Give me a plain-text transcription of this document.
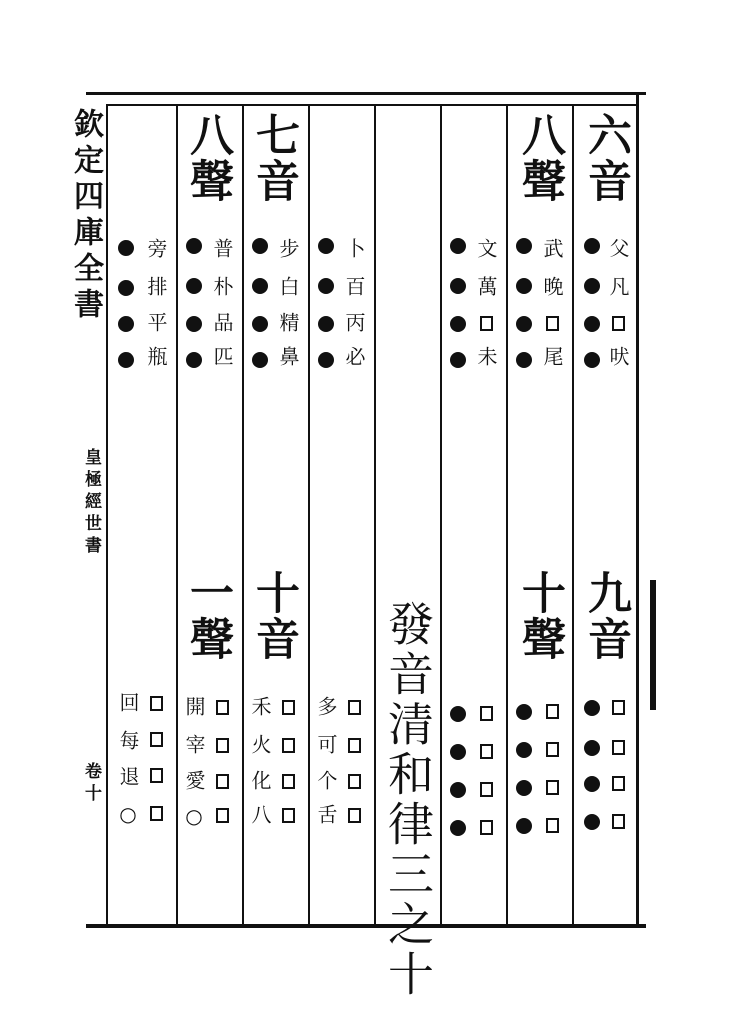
欽定四庫全書
皇極經世書
卷十	發音清和律三之十
六音
父
凡
吠
九音
八聲
武
晚
尾
十聲
文
萬
未
卜
百
丙
必
多
可
个
舌
七音
步
白
精
鼻
十音
禾
火
化
八
八聲
普
朴
品
匹
一聲
開
宰
愛
○
旁
排
平
瓶
回
每
退
○
